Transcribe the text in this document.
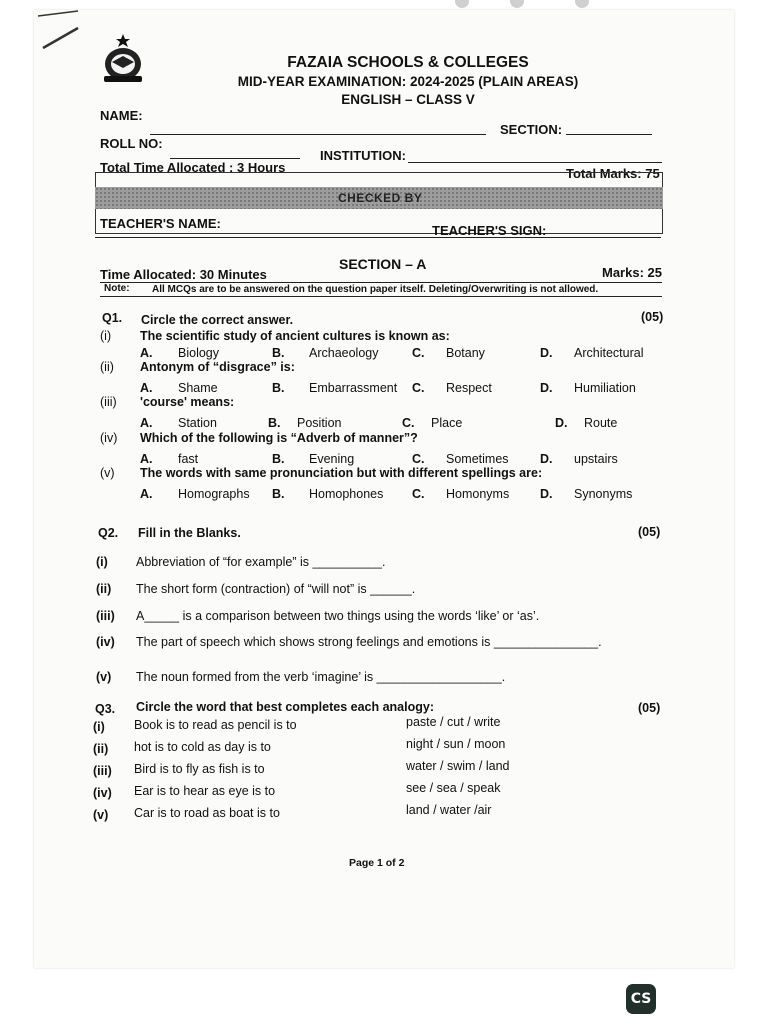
FAZAIA SCHOOLS & COLLEGES
MID-YEAR EXAMINATION: 2024-2025 (PLAIN AREAS)
ENGLISH – CLASS V
NAME:
SECTION:
ROLL NO:
INSTITUTION:
Total Time Allocated : 3 Hours	Total Marks: 75
CHECKED BY
TEACHER'S NAME:	TEACHER'S SIGN:
SECTION – A
Time Allocated: 30 Minutes	Marks: 25
Note: All MCQs are to be answered on the question paper itself. Deleting/Overwriting is not allowed.
Q1. Circle the correct answer.	(05)
Q2. Fill in the Blanks.	(05)
Q3. Circle the word that best completes each analogy:	(05)
Page 1 of 2
CS
(i) The scientific study of ancient cultures is known as:
A. Biology	B. Archaeology	C. Botany	D. Architectural
(ii) Antonym of “disgrace” is:
A. Shame	B. Embarrassment C. Respect	D. Humiliation
(iii) 'course' means:
A. Station	B. Position	C. Place	D. Route
(iv) Which of the following is “Adverb of manner”?
A. fast	B. Evening	C. Sometimes	D. upstairs
(v) The words with same pronunciation but with different spellings are:
A. Homographs B. Homophones C. Homonyms D. Synonyms
(i) Abbreviation of “for example” is __________.
(ii) The short form (contraction) of “will not” is ______.
(iii) A_____ is a comparison between two things using the words ‘like’ or ‘as’.
(iv) The part of speech which shows strong feelings and emotions is _______________.
(v) The noun formed from the verb ‘imagine’ is __________________.
(i) Book is to read as pencil is to	paste / cut / write
(ii) hot is to cold as day is to	night / sun / moon
(iii) Bird is to fly as fish is to	water / swim / land
(iv) Ear is to hear as eye is to	see / sea / speak
(v) Car is to road as boat is to	land / water /air
